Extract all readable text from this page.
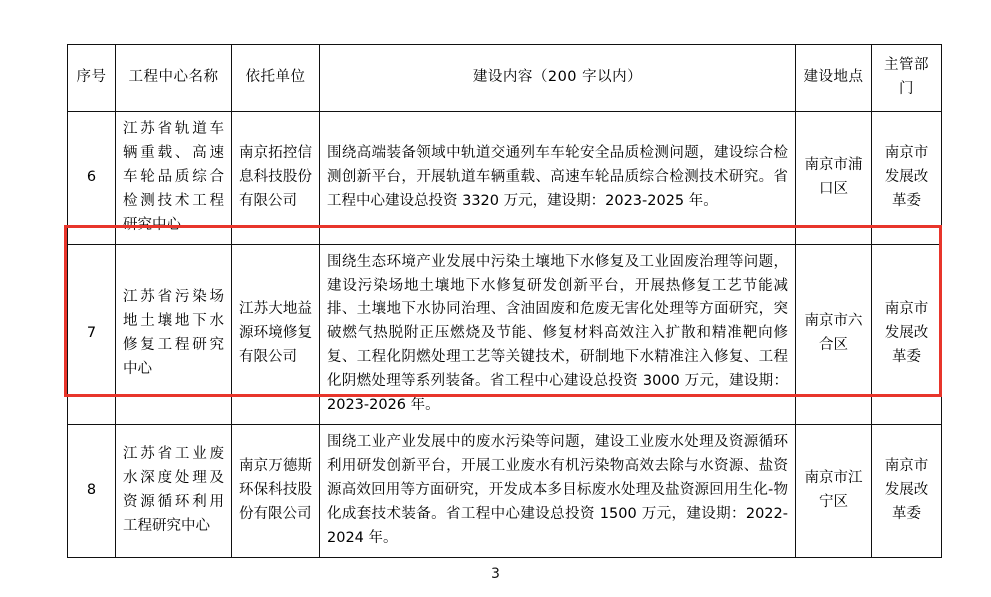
序号	工程中心名称	依托单位	建设内容（200 字以内）	建设地点	主管部门
6	江苏省轨道车辆重载、高速车轮品质综合检测技术工程研究中心	南京拓控信息科技股份有限公司	围绕高端装备领域中轨道交通列车车轮安全品质检测问题，建设综合检测创新平台，开展轨道车辆重载、高速车轮品质综合检测技术研究。省工程中心建设总投资 3320 万元，建设期：2023-2025 年。	南京市浦口区	南京市发展改革委
7	江苏省污染场地土壤地下水修复工程研究中心	江苏大地益源环境修复有限公司	围绕生态环境产业发展中污染土壤地下水修复及工业固废治理等问题，建设污染场地土壤地下水修复研发创新平台，开展热修复工艺节能减排、土壤地下水协同治理、含油固废和危废无害化处理等方面研究，突破燃气热脱附正压燃烧及节能、修复材料高效注入扩散和精准靶向修复、工程化阴燃处理工艺等关键技术，研制地下水精准注入修复、工程化阴燃处理等系列装备。省工程中心建设总投资 3000 万元，建设期：2023-2026 年。	南京市六合区	南京市发展改革委
8	江苏省工业废水深度处理及资源循环利用工程研究中心	南京万德斯环保科技股份有限公司	围绕工业产业发展中的废水污染等问题，建设工业废水处理及资源循环利用研发创新平台，开展工业废水有机污染物高效去除与水资源、盐资源高效回用等方面研究，开发成本多目标废水处理及盐资源回用生化-物化成套技术装备。省工程中心建设总投资 1500 万元，建设期：2022-2024 年。	南京市江宁区	南京市发展改革委
3
